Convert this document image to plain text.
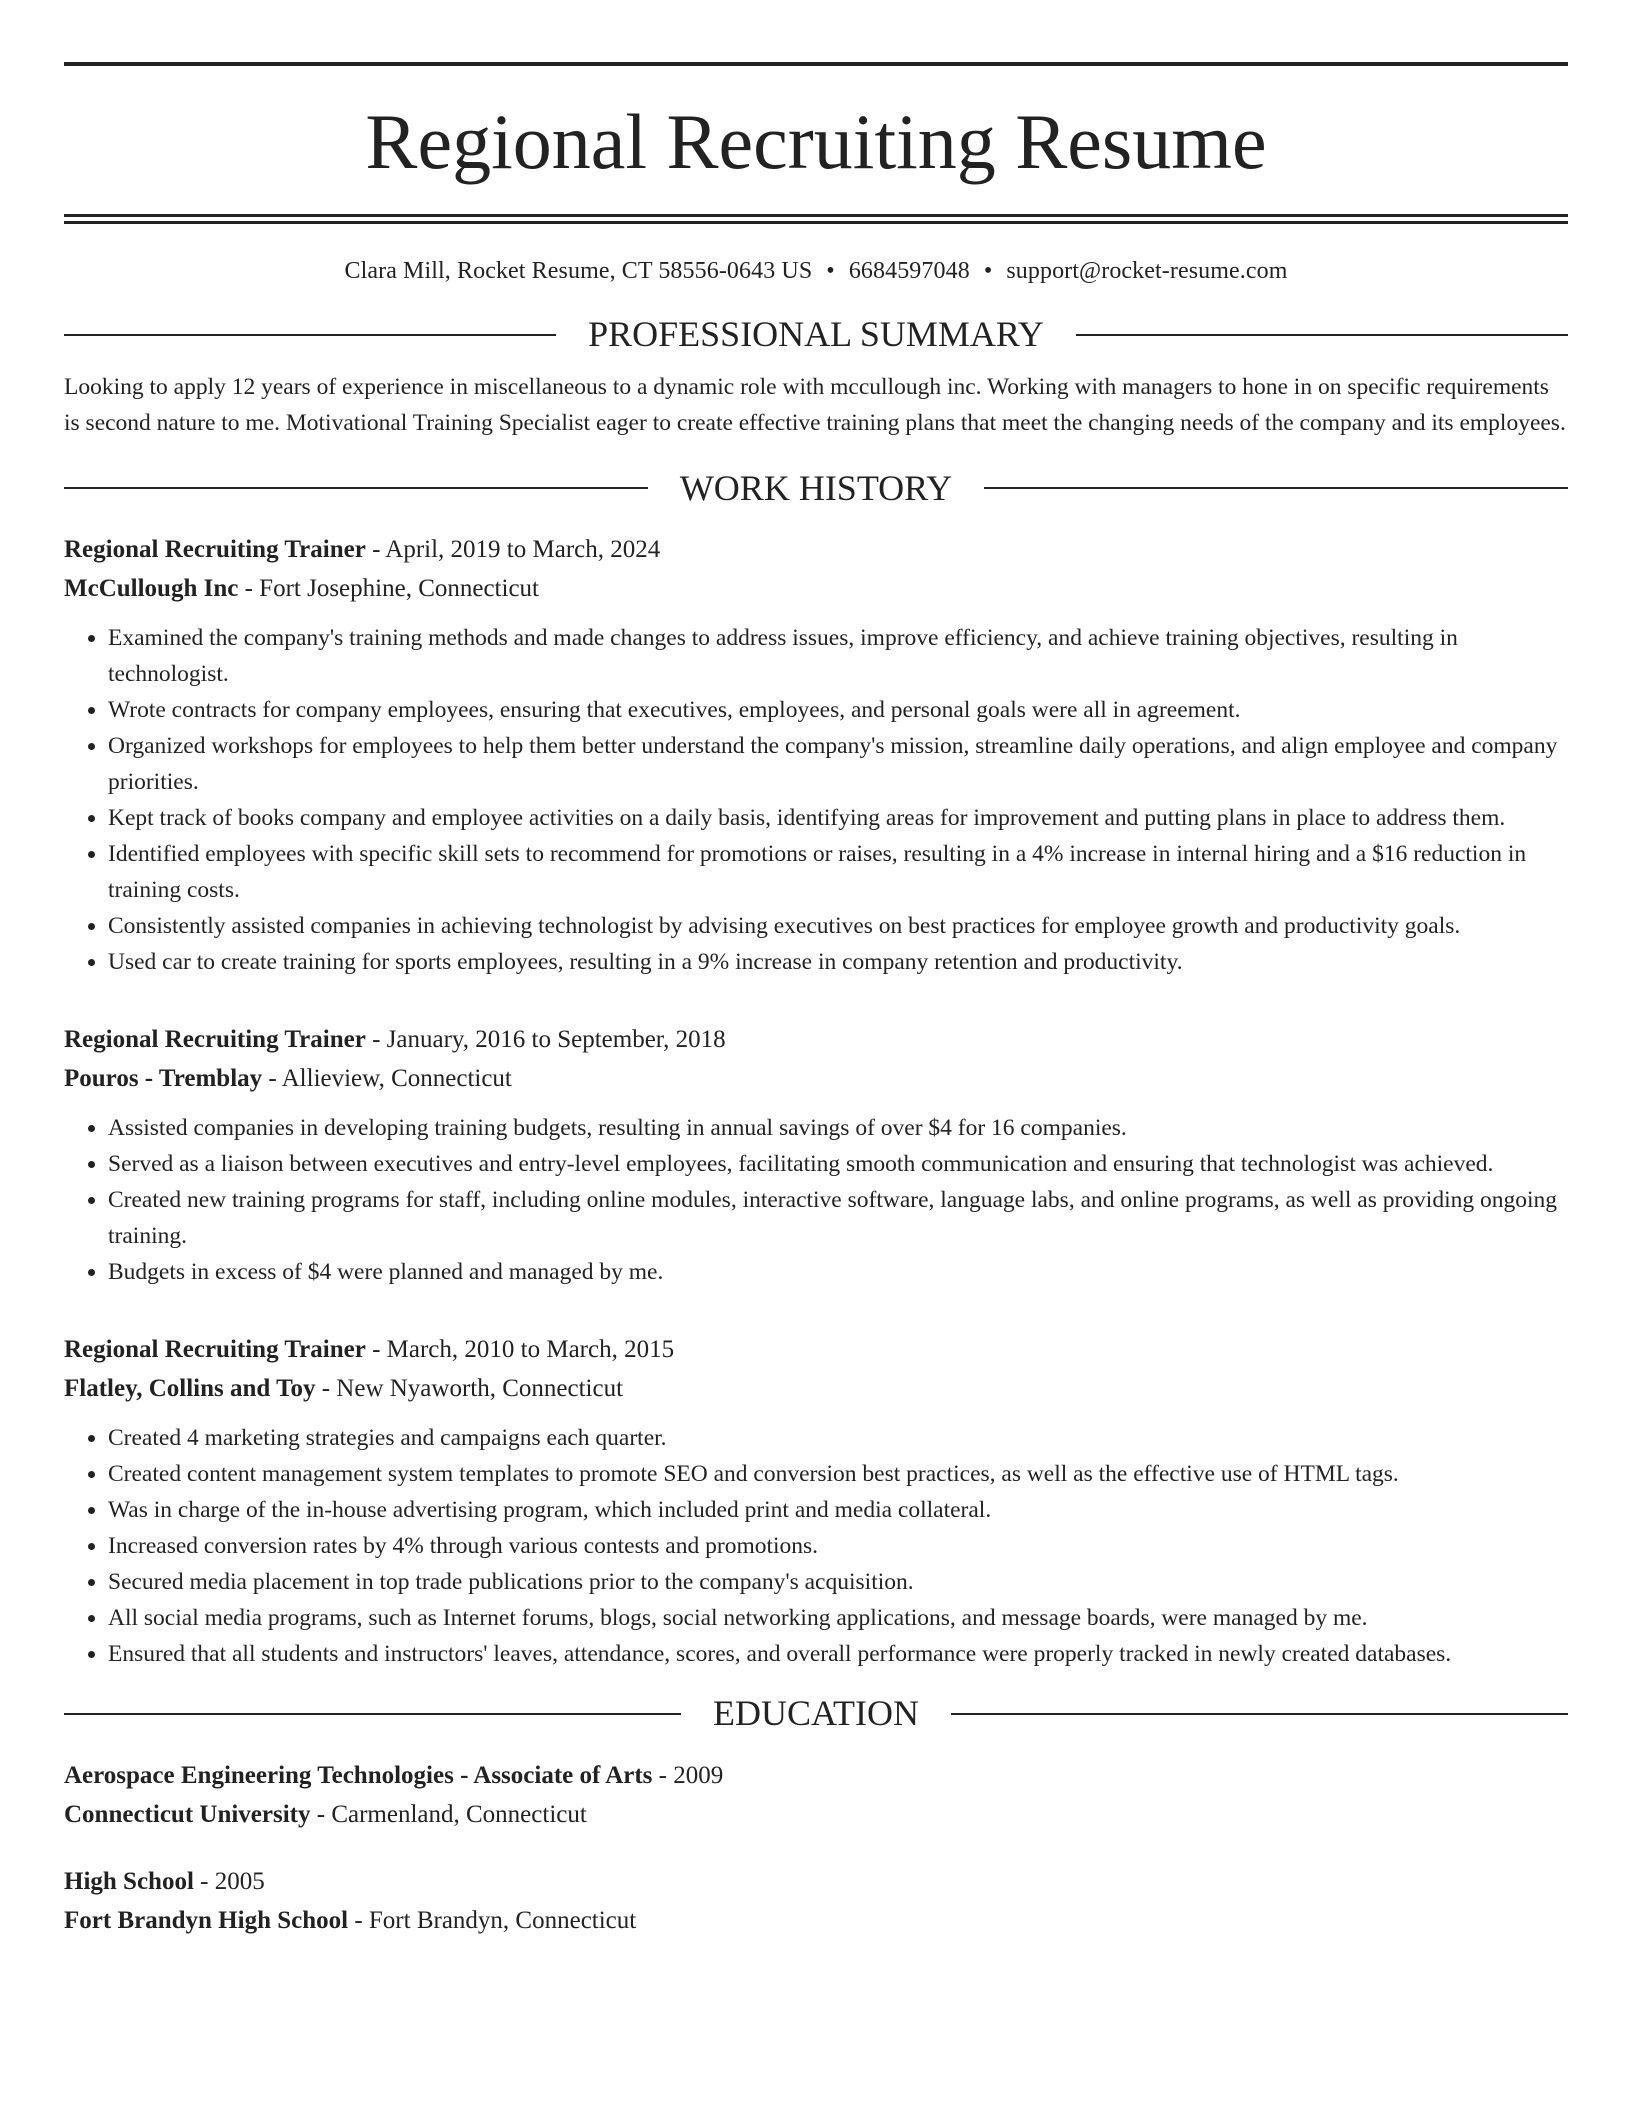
Regional Recruiting Resume
Clara Mill, Rocket Resume, CT 58556-0643 US • 6684597048 • support@rocket-resume.com
PROFESSIONAL SUMMARY

Looking to apply 12 years of experience in miscellaneous to a dynamic role with mccullough inc. Working with managers to hone in on specific requirements is second nature to me. Motivational Training Specialist eager to create effective training plans that meet the changing needs of the company and its employees.

WORK HISTORY
Regional Recruiting Trainer - April, 2019 to March, 2024
McCullough Inc - Fort Josephine, Connecticut
• Examined the company's training methods and made changes to address issues, improve efficiency, and achieve training objectives, resulting in technologist.
• Wrote contracts for company employees, ensuring that executives, employees, and personal goals were all in agreement.
• Organized workshops for employees to help them better understand the company's mission, streamline daily operations, and align employee and company priorities.
• Kept track of books company and employee activities on a daily basis, identifying areas for improvement and putting plans in place to address them.
• Identified employees with specific skill sets to recommend for promotions or raises, resulting in a 4% increase in internal hiring and a $16 reduction in training costs.
• Consistently assisted companies in achieving technologist by advising executives on best practices for employee growth and productivity goals.
• Used car to create training for sports employees, resulting in a 9% increase in company retention and productivity.
Regional Recruiting Trainer - January, 2016 to September, 2018
Pouros - Tremblay - Allieview, Connecticut
• Assisted companies in developing training budgets, resulting in annual savings of over $4 for 16 companies.
• Served as a liaison between executives and entry-level employees, facilitating smooth communication and ensuring that technologist was achieved.
• Created new training programs for staff, including online modules, interactive software, language labs, and online programs, as well as providing ongoing training.
• Budgets in excess of $4 were planned and managed by me.
Regional Recruiting Trainer - March, 2010 to March, 2015
Flatley, Collins and Toy - New Nyaworth, Connecticut
• Created 4 marketing strategies and campaigns each quarter.
• Created content management system templates to promote SEO and conversion best practices, as well as the effective use of HTML tags.
• Was in charge of the in-house advertising program, which included print and media collateral.
• Increased conversion rates by 4% through various contests and promotions.
• Secured media placement in top trade publications prior to the company's acquisition.
• All social media programs, such as Internet forums, blogs, social networking applications, and message boards, were managed by me.
• Ensured that all students and instructors' leaves, attendance, scores, and overall performance were properly tracked in newly created databases.
EDUCATION
Aerospace Engineering Technologies - Associate of Arts - 2009
Connecticut University - Carmenland, Connecticut
High School - 2005
Fort Brandyn High School - Fort Brandyn, Connecticut
